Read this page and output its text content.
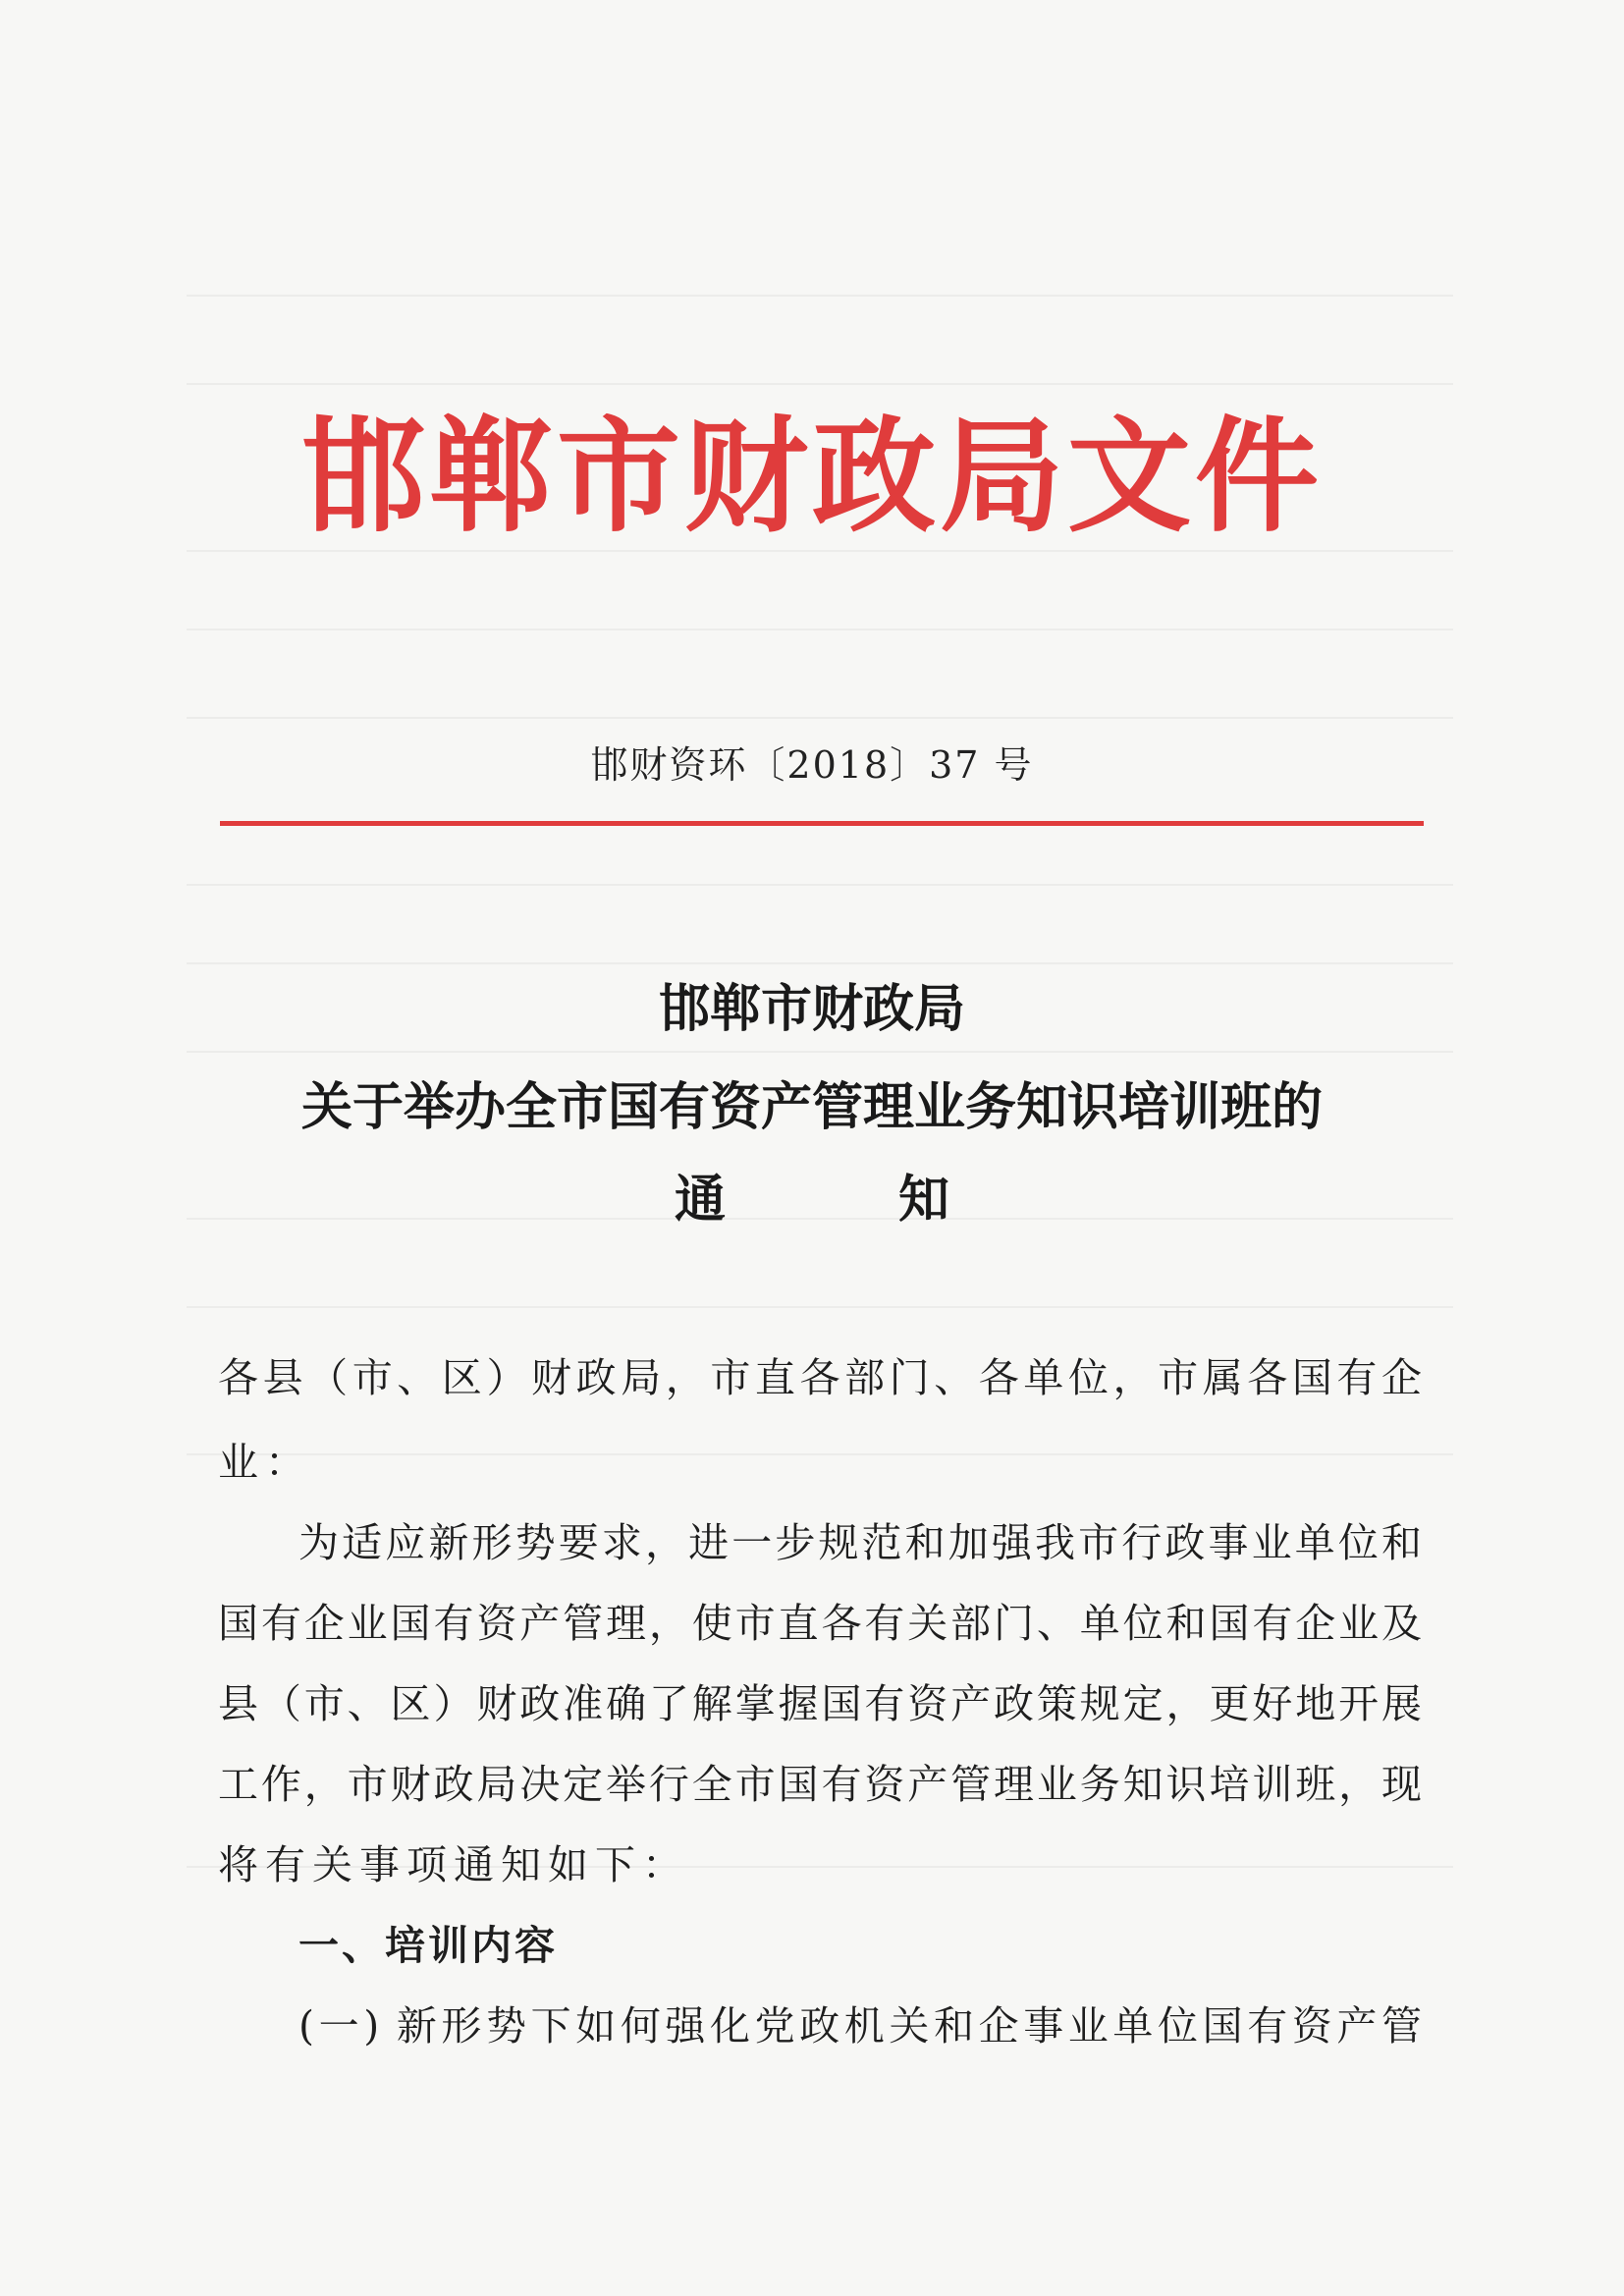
邯郸市财政局文件
邯财资环〔2018〕37 号
邯郸市财政局
关于举办全市国有资产管理业务知识培训班的
通	知
各县（市、区）财政局，市直各部门、各单位，市属各国有企
业：
为适应新形势要求，进一步规范和加强我市行政事业单位和
国有企业国有资产管理，使市直各有关部门、单位和国有企业及
县（市、区）财政准确了解掌握国有资产政策规定，更好地开展
工作，市财政局决定举行全市国有资产管理业务知识培训班，现
将有关事项通知如下：
一、培训内容
(一) 新形势下如何强化党政机关和企事业单位国有资产管
